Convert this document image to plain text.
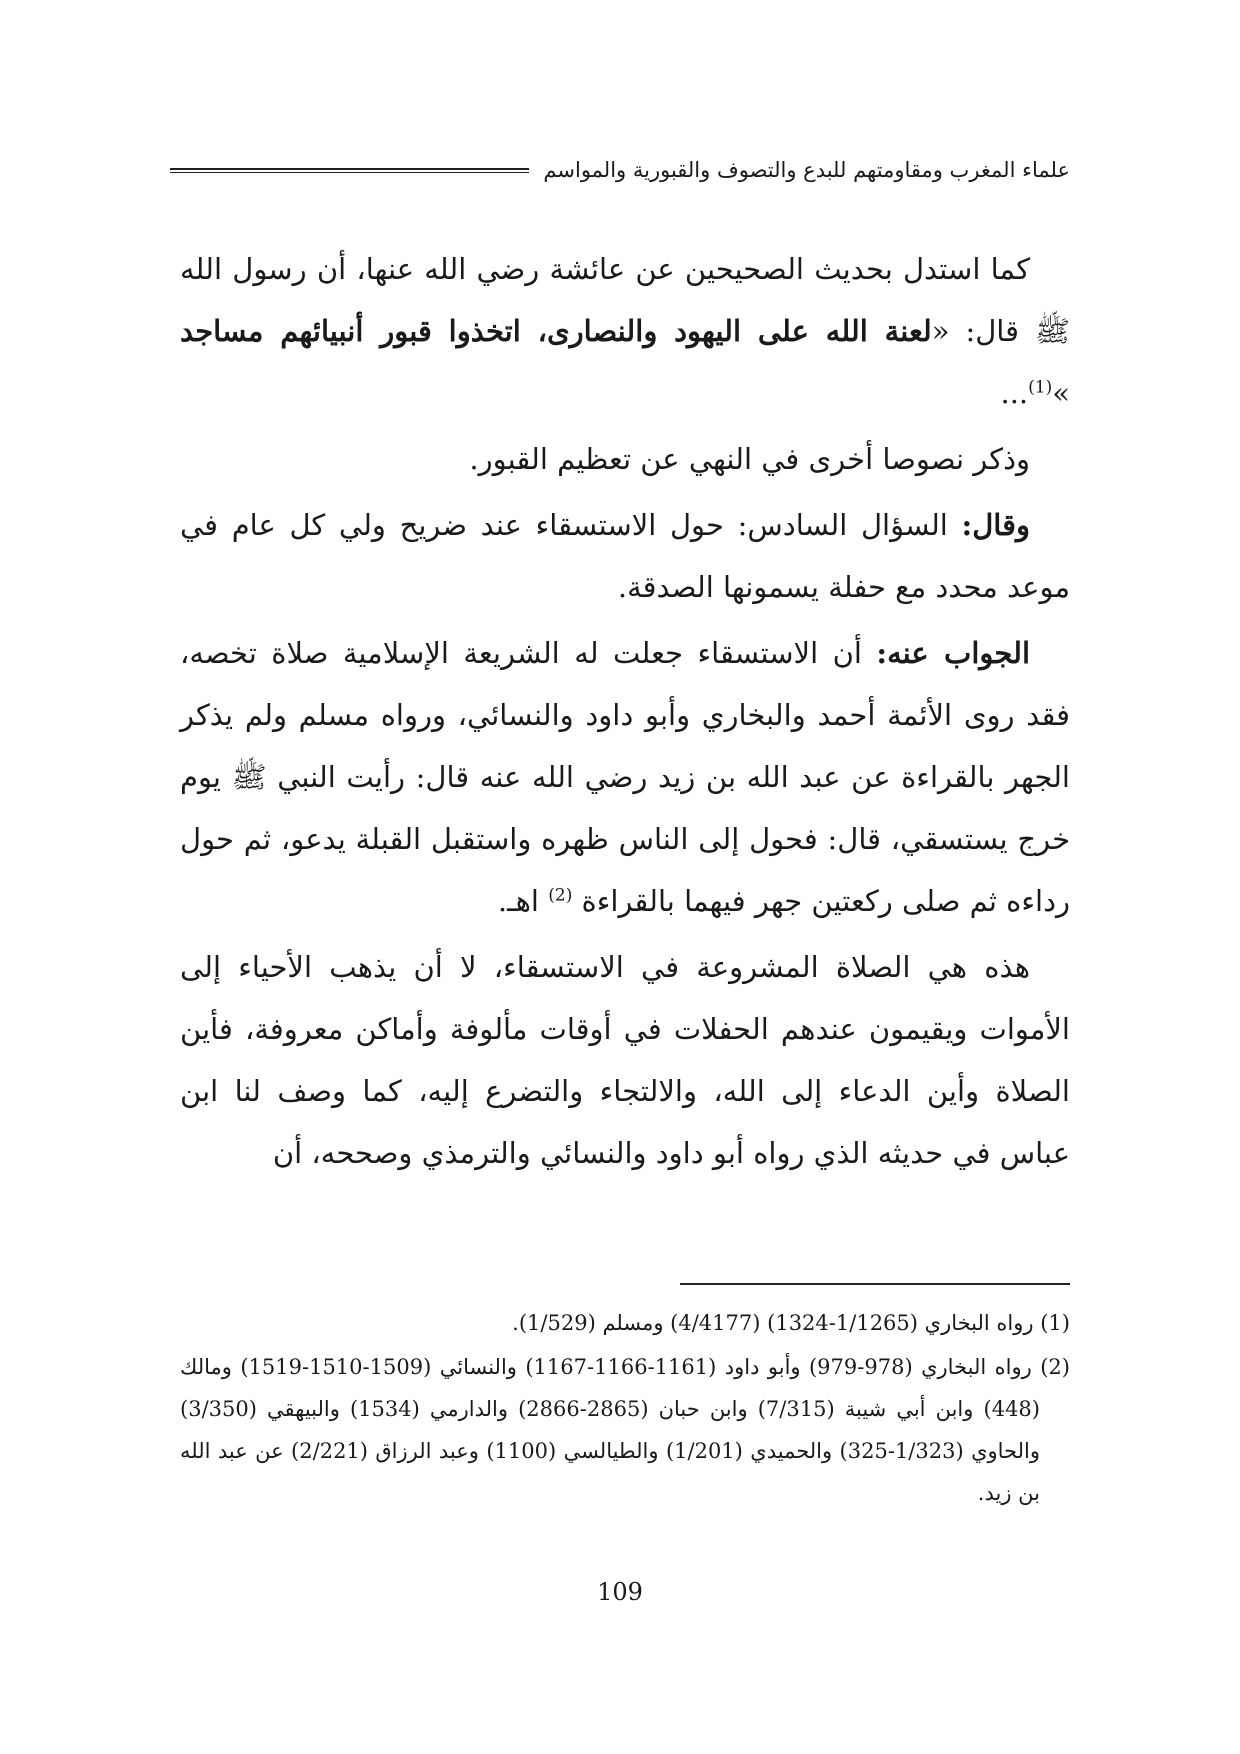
علماء المغرب ومقاومتهم للبدع والتصوف والقبورية والمواسم

كما استدل بحديث الصحيحين عن عائشة رضي الله عنها، أن رسول الله ﷺ قال: «لعنة الله على اليهود والنصارى، اتخذوا قبور أنبيائهم مساجد »$^{(1)}$...

وذكر نصوصا أخرى في النهي عن تعظيم القبور.

وقال: السؤال السادس: حول الاستسقاء عند ضريح ولي كل عام في موعد محدد مع حفلة يسمونها الصدقة.

الجواب عنه: أن الاستسقاء جعلت له الشريعة الإسلامية صلاة تخصه، فقد روى الأئمة أحمد والبخاري وأبو داود والنسائي، ورواه مسلم ولم يذكر الجهر بالقراءة عن عبد الله بن زيد رضي الله عنه قال: رأيت النبي ﷺ يوم خرج يستسقي، قال: فحول إلى الناس ظهره واستقبل القبلة يدعو، ثم حول رداءه ثم صلى ركعتين جهر فيهما بالقراءة $^{(2)}$ اهـ.

هذه هي الصلاة المشروعة في الاستسقاء، لا أن يذهب الأحياء إلى الأموات ويقيمون عندهم الحفلات في أوقات مألوفة وأماكن معروفة، فأين الصلاة وأين الدعاء إلى الله، والالتجاء والتضرع إليه، كما وصف لنا ابن عباس في حديثه الذي رواه أبو داود والنسائي والترمذي وصححه، أن

(1) رواه البخاري (1/1265-1324) (4/4177) ومسلم (1/529).

(2) رواه البخاري (978-979) وأبو داود (1161-1166-1167) والنسائي (1509-1510-1519) ومالك (448) وابن أبي شيبة (7/315) وابن حبان (2865-2866) والدارمي (1534) والبيهقي (3/350) والحاوي (1/323-325) والحميدي (1/201) والطيالسي (1100) وعبد الرزاق (2/221) عن عبد الله بن زيد.

109
